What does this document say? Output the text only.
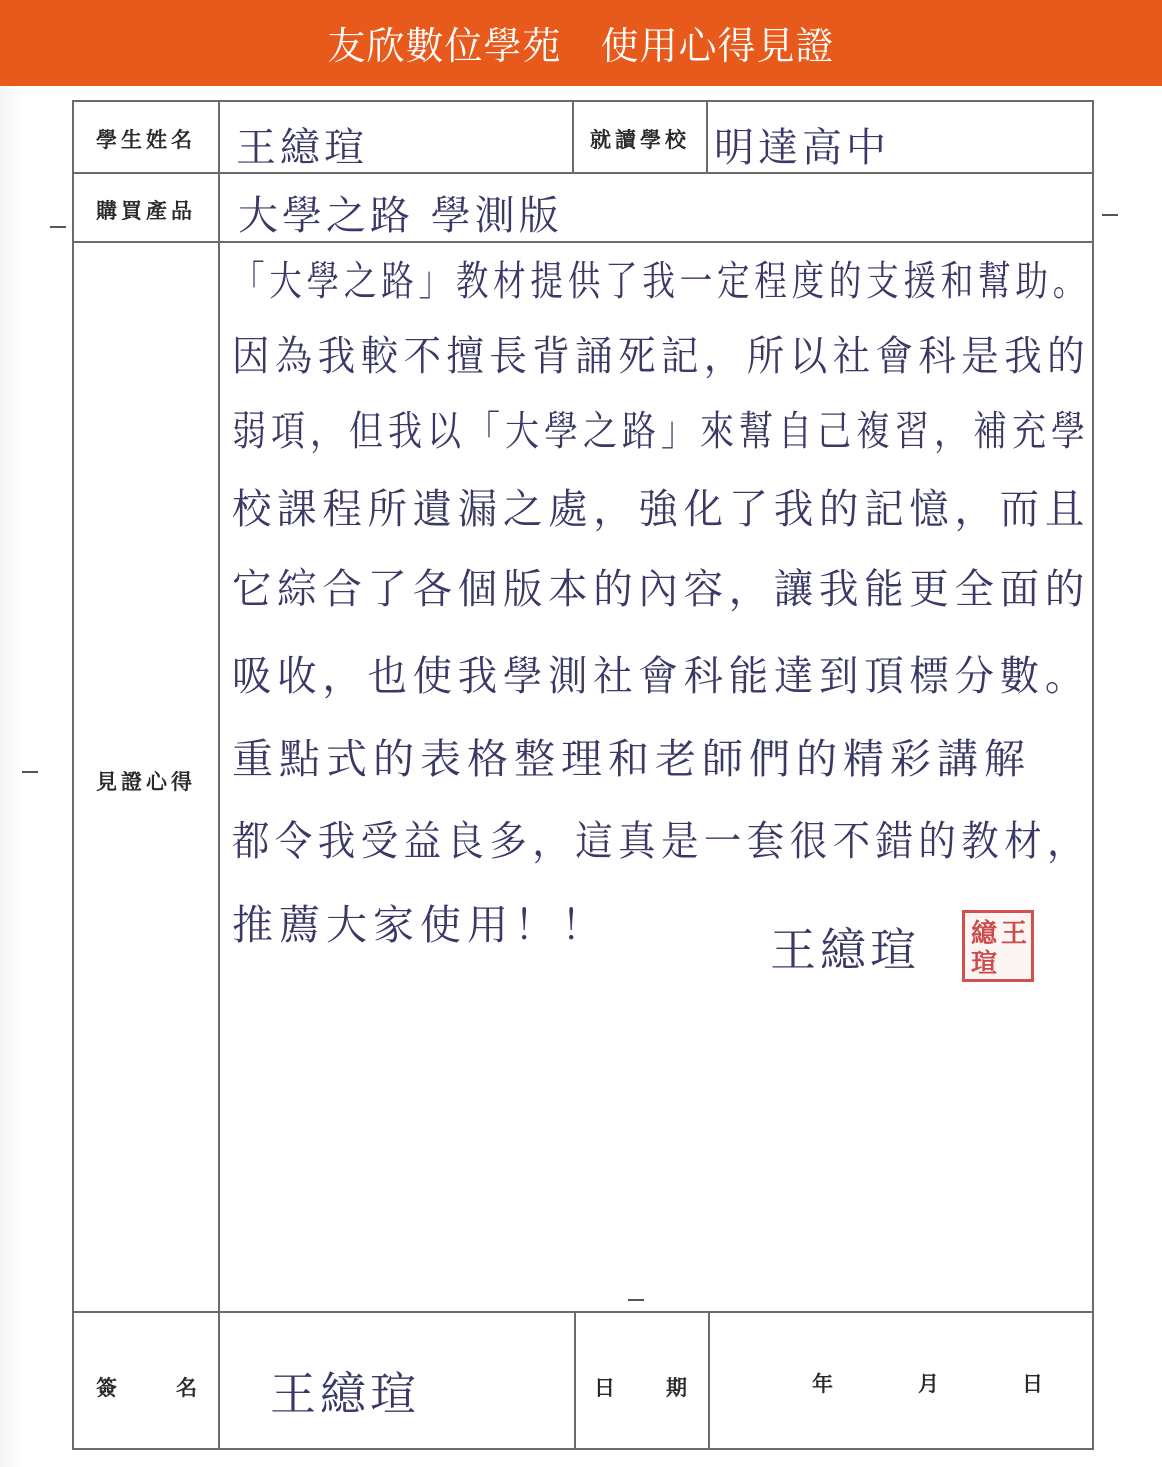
友欣數位學苑　使用心得見證
學生姓名 王繶瑄	就讀學校 明達高中
購買產品 大學之路 學測版
見證心得
「大學之路」教材提供了我一定程度的支援和幫助。
因為我較不擅長背誦死記，所以社會科是我的
弱項，但我以「大學之路」來幫自己複習，補充學
校課程所遺漏之處，強化了我的記憶，而且
它綜合了各個版本的內容，讓我能更全面的
吸收，也使我學測社會科能達到頂標分數。
重點式的表格整理和老師們的精彩講解
都令我受益良多，這真是一套很不錯的教材，
推薦大家使用！！	王繶瑄	王
繶
瑄
簽	名 王繶瑄	日 期	年	月	日
